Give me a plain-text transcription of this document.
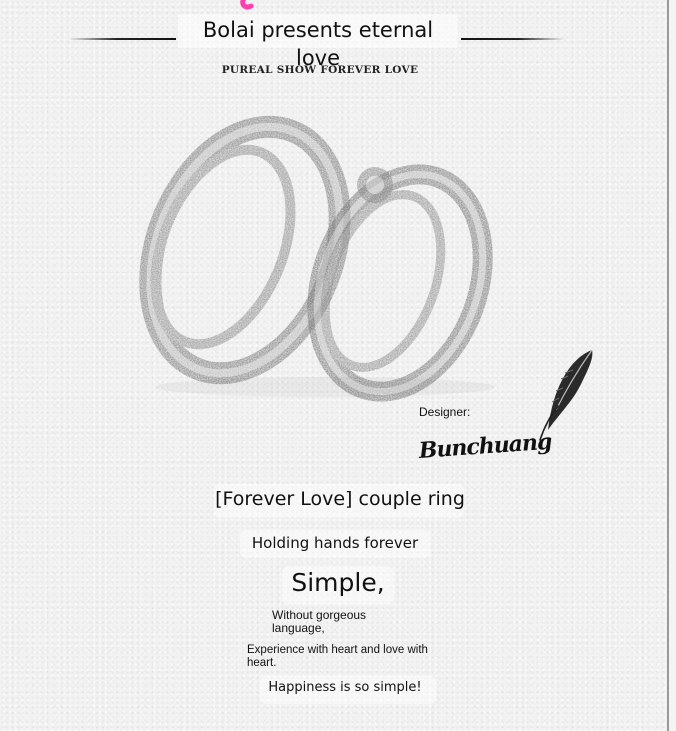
Bolai presents eternal love
PUREAL SHOW FOREVER LOVE
Designer:
Bunchuang
[Forever Love] couple ring
Holding hands forever
Simple,
Without gorgeous language,
Experience with heart and love with heart.
Happiness is so simple!
